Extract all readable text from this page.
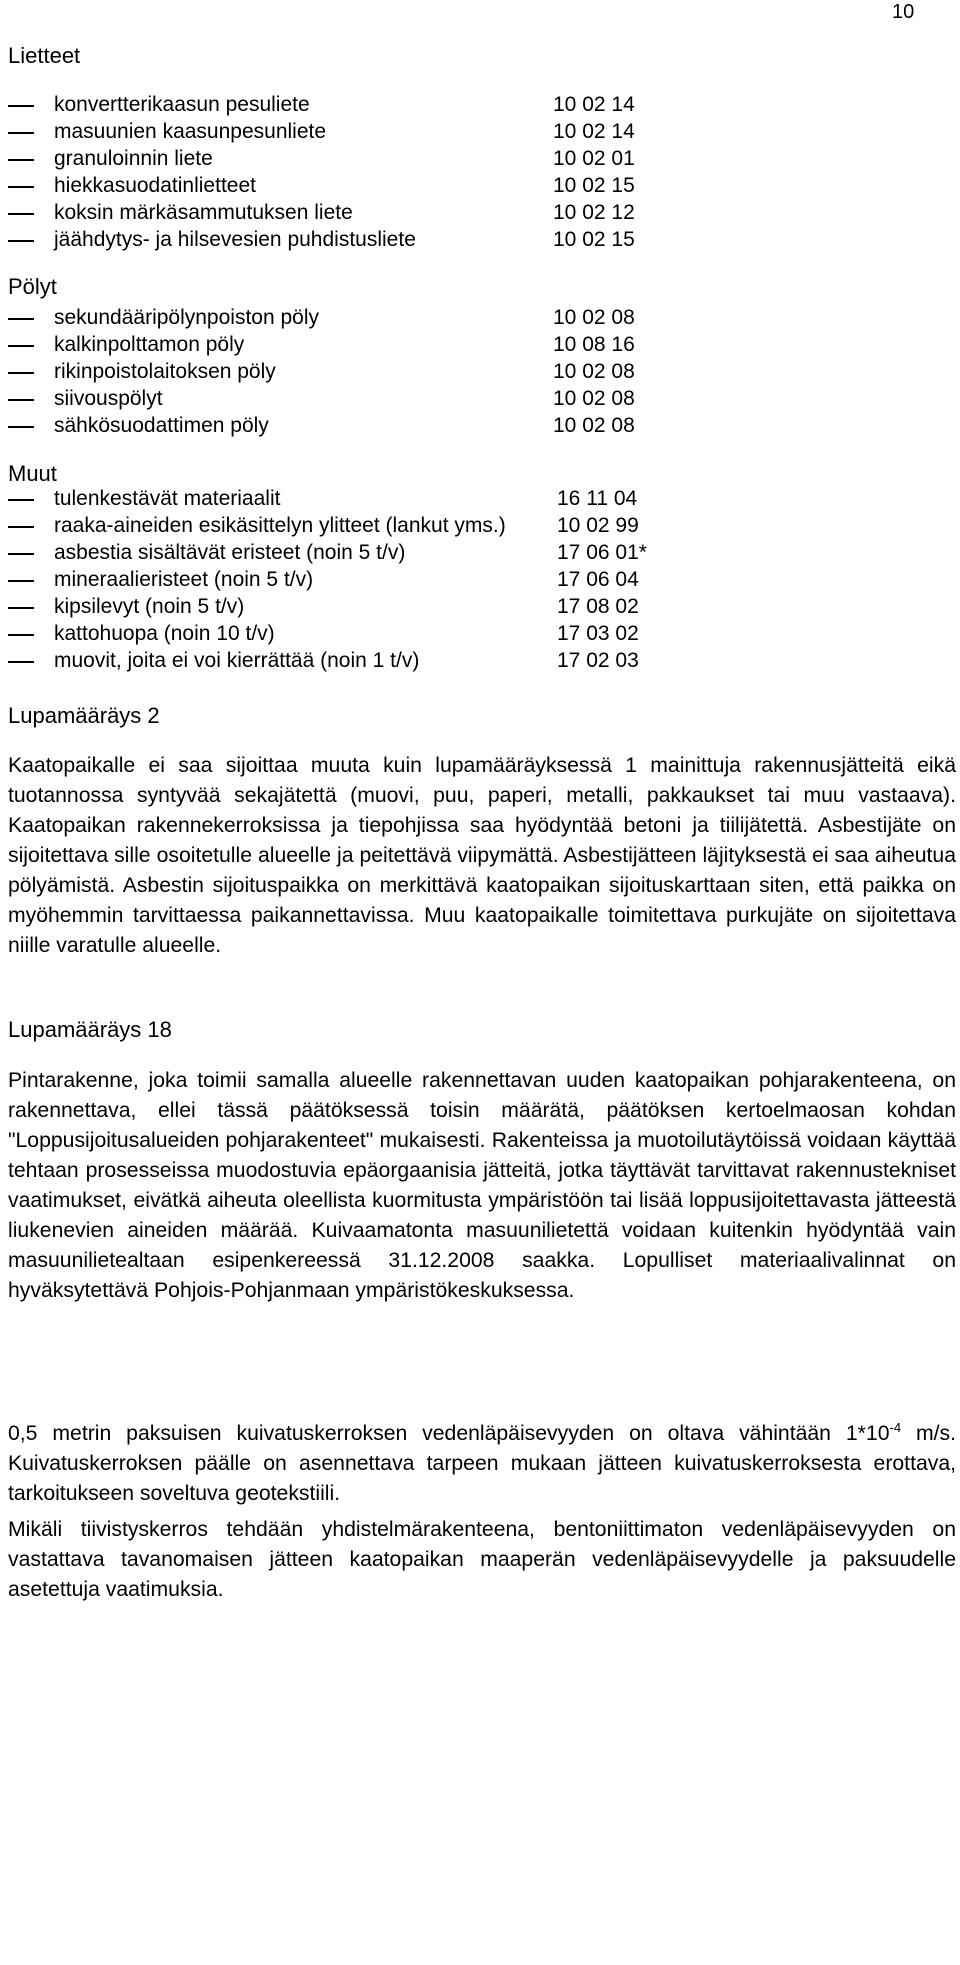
10
Lietteet
konvertterikaasun pesuliete	10 02 14
masuunien kaasunpesunliete	10 02 14
granuloinnin liete	10 02 01
hiekkasuodatinlietteet	10 02 15
koksin märkäsammutuksen liete	10 02 12
jäähdytys- ja hilsevesien puhdistusliete	10 02 15
Pölyt
sekundääripölynpoiston pöly	10 02 08
kalkinpolttamon pöly	10 08 16
rikinpoistolaitoksen pöly	10 02 08
siivouspölyt	10 02 08
sähkösuodattimen pöly	10 02 08
Muut
tulenkestävät materiaalit	16 11 04
raaka-aineiden esikäsittelyn ylitteet (lankut yms.) 10 02 99
asbestia sisältävät eristeet (noin 5 t/v)	17 06 01*
mineraalieristeet (noin 5 t/v)	17 06 04
kipsilevyt (noin 5 t/v)	17 08 02
kattohuopa (noin 10 t/v)	17 03 02
muovit, joita ei voi kierrättää (noin 1 t/v)	17 02 03
Lupamääräys 2

Kaatopaikalle ei saa sijoittaa muuta kuin lupamääräyksessä 1 mainittuja rakennusjätteitä eikä tuotannossa syntyvää sekajätettä (muovi, puu, paperi, metalli, pakkaukset tai muu vastaava). Kaatopaikan rakennekerroksissa ja tiepohjissa saa hyödyntää betoni ja tiilijätettä. Asbestijäte on sijoitettava sille osoitetulle alueelle ja peitettävä viipymättä. Asbestijätteen läjityksestä ei saa aiheutua pölyämistä. Asbestin sijoituspaikka on merkittävä kaatopaikan sijoituskarttaan siten, että paikka on myöhemmin tarvittaessa paikannettavissa. Muu kaatopaikalle toimitettava purkujäte on sijoitettava niille varatulle alueelle.

Lupamääräys 18

Pintarakenne, joka toimii samalla alueelle rakennettavan uuden kaatopaikan pohjarakenteena, on rakennettava, ellei tässä päätöksessä toisin määrätä, päätöksen kertoelmaosan kohdan "Loppusijoitusalueiden pohjarakenteet" mukaisesti. Rakenteissa ja muotoilutäytöissä voidaan käyttää tehtaan prosesseissa muodostuvia epäorgaanisia jätteitä, jotka täyttävät tarvittavat rakennustekniset vaatimukset, eivätkä aiheuta oleellista kuormitusta ympäristöön tai lisää loppusijoitettavasta jätteestä liukenevien aineiden määrää. Kuivaamatonta masuunilietettä voidaan kuitenkin hyödyntää vain masuunilietealtaan esipenkereessä 31.12.2008 saakka. Lopulliset materiaalivalinnat on hyväksytettävä Pohjois-Pohjanmaan ympäristökeskuksessa.

0,5 metrin paksuisen kuivatuskerroksen vedenläpäisevyyden on oltava vähintään $1*10^{-4}$ m/s. Kuivatuskerroksen päälle on asennettava tarpeen mukaan jätteen kuivatuskerroksesta erottava, tarkoitukseen soveltuva geotekstiili.

Mikäli tiivistyskerros tehdään yhdistelmärakenteena, bentoniittimaton vedenläpäisevyyden on vastattava tavanomaisen jätteen kaatopaikan maaperän vedenläpäisevyydelle ja paksuudelle asetettuja vaatimuksia.
